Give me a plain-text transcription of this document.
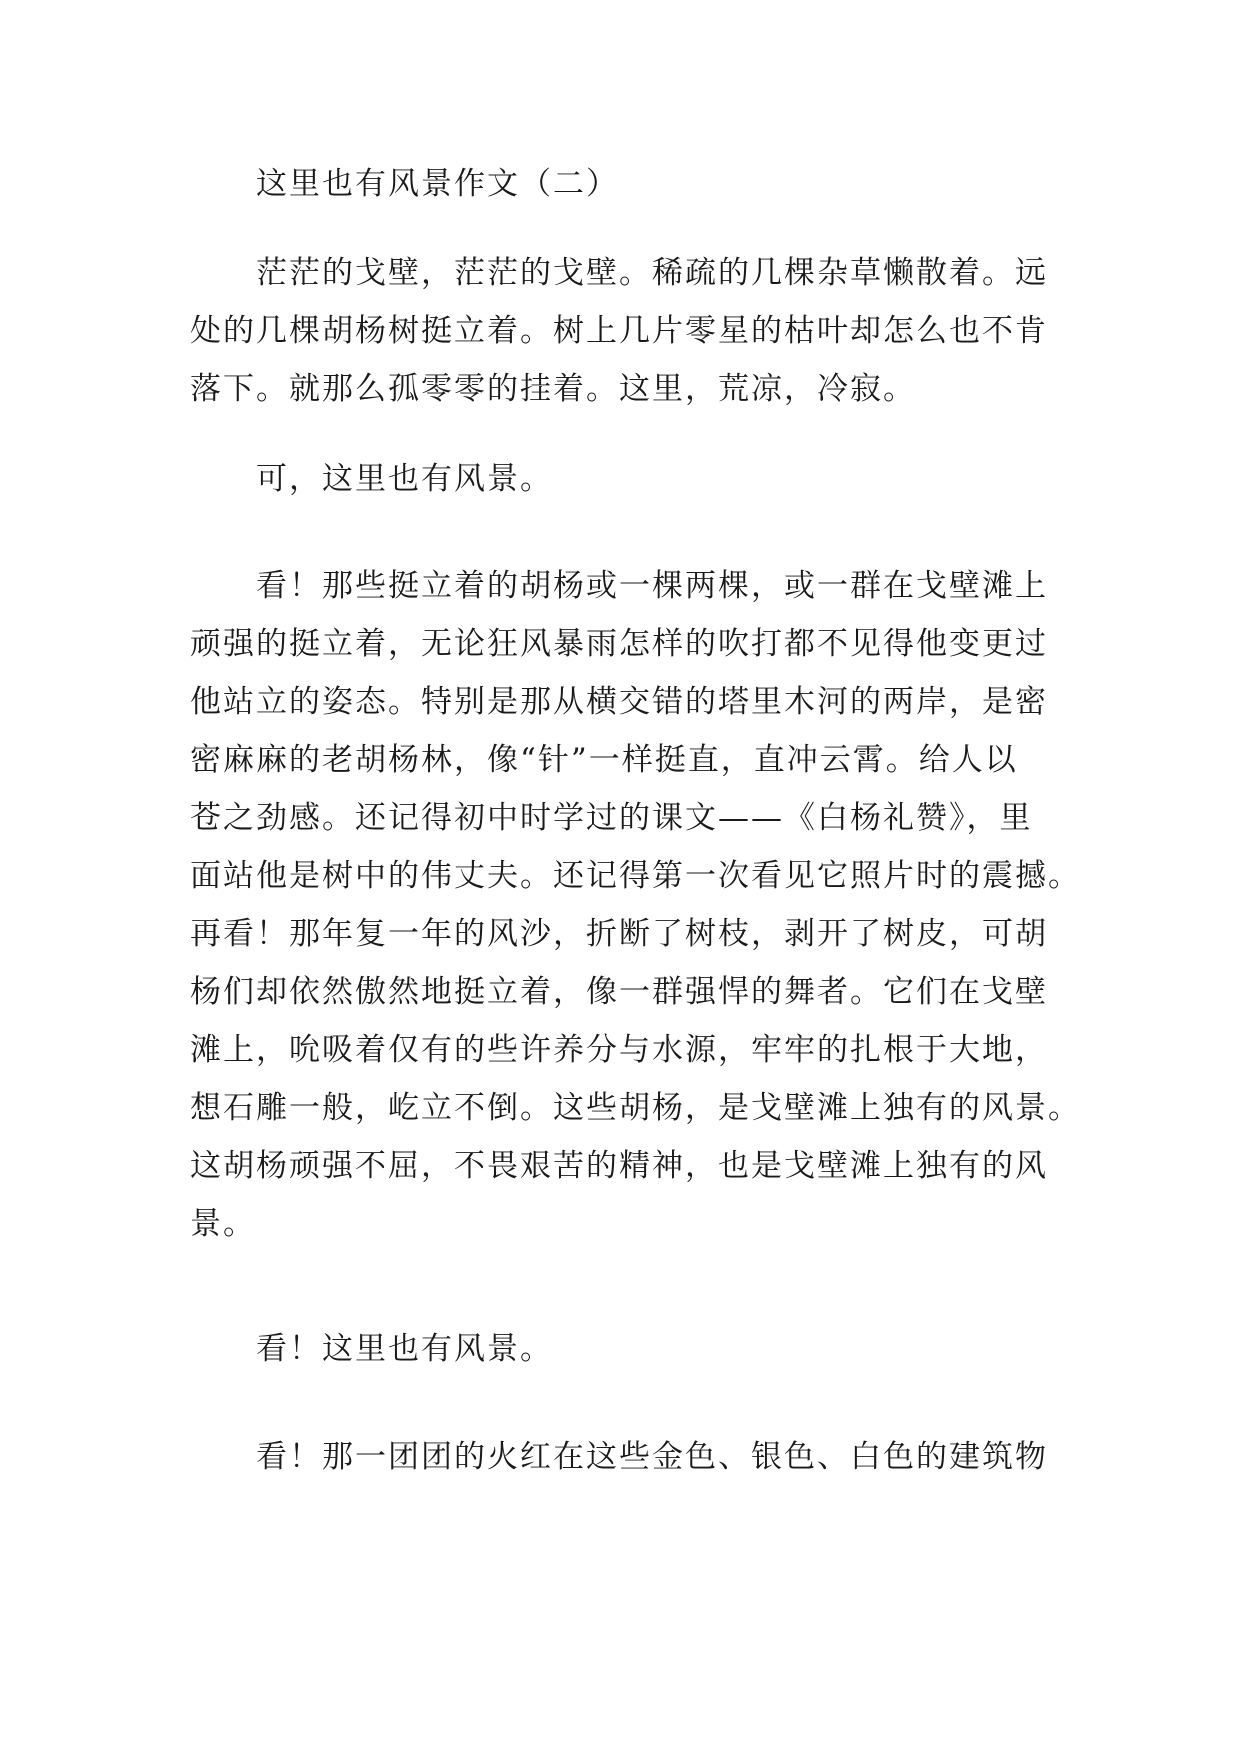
这里也有风景作文（二）

茫茫的戈壁，茫茫的戈壁。稀疏的几棵杂草懒散着。远
处的几棵胡杨树挺立着。树上几片零星的枯叶却怎么也不肯
落下。就那么孤零零的挂着。这里，荒凉，冷寂。

可，这里也有风景。

看！那些挺立着的胡杨或一棵两棵，或一群在戈壁滩上
顽强的挺立着，无论狂风暴雨怎样的吹打都不见得他变更过
他站立的姿态。特别是那从横交错的塔里木河的两岸，是密
密麻麻的老胡杨林，像“针”一样挺直，直冲云霄。给人以
苍之劲感。还记得初中时学过的课文——《白杨礼赞》，里
面站他是树中的伟丈夫。还记得第一次看见它照片时的震撼。
再看！那年复一年的风沙，折断了树枝，剥开了树皮，可胡
杨们却依然傲然地挺立着，像一群强悍的舞者。它们在戈壁
滩上，吮吸着仅有的些许养分与水源，牢牢的扎根于大地，
想石雕一般，屹立不倒。这些胡杨，是戈壁滩上独有的风景。
这胡杨顽强不屈，不畏艰苦的精神，也是戈壁滩上独有的风
景。

看！这里也有风景。

看！那一团团的火红在这些金色、银色、白色的建筑物
